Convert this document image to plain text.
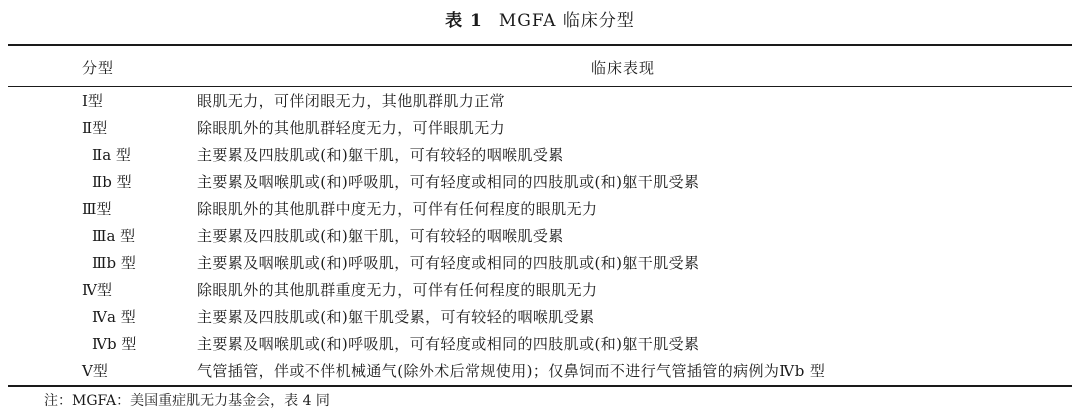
表 1 MGFA 临床分型
分型	临床表现
Ⅰ型	眼肌无力，可伴闭眼无力，其他肌群肌力正常
Ⅱ型	除眼肌外的其他肌群轻度无力，可伴眼肌无力
Ⅱa 型	主要累及四肢肌或(和)躯干肌，可有较轻的咽喉肌受累
Ⅱb 型	主要累及咽喉肌或(和)呼吸肌，可有轻度或相同的四肢肌或(和)躯干肌受累
Ⅲ型	除眼肌外的其他肌群中度无力，可伴有任何程度的眼肌无力
Ⅲa 型	主要累及四肢肌或(和)躯干肌，可有较轻的咽喉肌受累
Ⅲb 型	主要累及咽喉肌或(和)呼吸肌，可有轻度或相同的四肢肌或(和)躯干肌受累
Ⅳ型	除眼肌外的其他肌群重度无力，可伴有任何程度的眼肌无力
Ⅳa 型	主要累及四肢肌或(和)躯干肌受累，可有较轻的咽喉肌受累
Ⅳb 型	主要累及咽喉肌或(和)呼吸肌，可有轻度或相同的四肢肌或(和)躯干肌受累
Ⅴ型	气管插管，伴或不伴机械通气(除外术后常规使用)；仅鼻饲而不进行气管插管的病例为Ⅳb 型
注：MGFA：美国重症肌无力基金会，表 4 同
